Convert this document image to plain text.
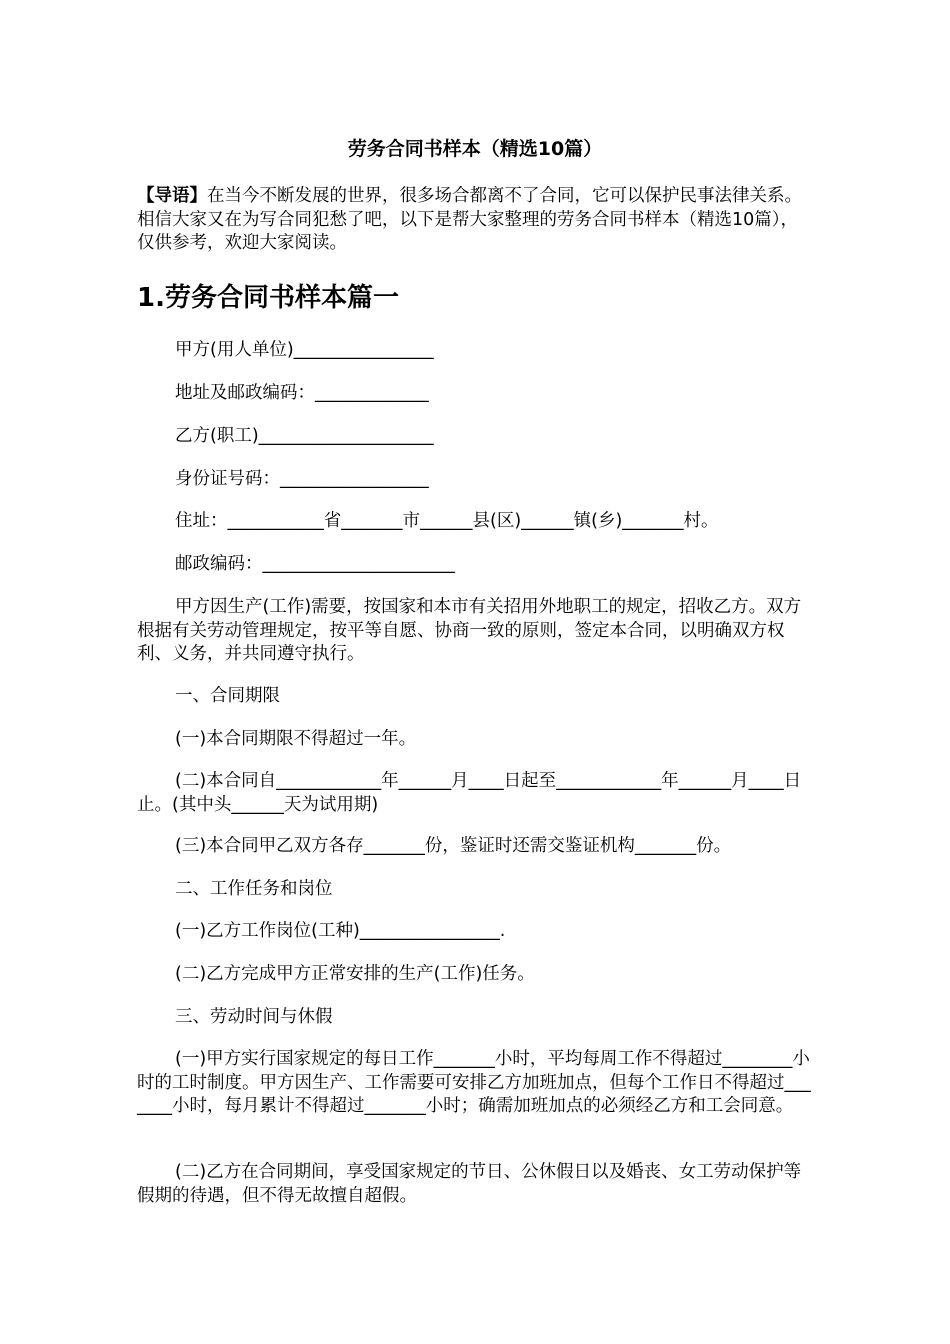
劳务合同书样本（精选10篇）
【导语】在当今不断发展的世界，很多场合都离不了合同，它可以保护民事法律关系。相信大家又在为写合同犯愁了吧，以下是帮大家整理的劳务合同书样本（精选10篇），仅供参考，欢迎大家阅读。
1.劳务合同书样本篇一
甲方(用人单位)________________
地址及邮政编码：_____________
乙方(职工)____________________
身份证号码：_________________
住址：___________省_______市______县(区)______镇(乡)_______村。
邮政编码：______________________
甲方因生产(工作)需要，按国家和本市有关招用外地职工的规定，招收乙方。双方根据有关劳动管理规定，按平等自愿、协商一致的原则，签定本合同，以明确双方权利、义务，并共同遵守执行。
一、合同期限
(一)本合同期限不得超过一年。
(二)本合同自____________年______月____日起至____________年______月____日止。(其中头______天为试用期)
(三)本合同甲乙双方各存_______份，鉴证时还需交鉴证机构_______份。
二、工作任务和岗位
(一)乙方工作岗位(工种)________________.
(二)乙方完成甲方正常安排的生产(工作)任务。
三、劳动时间与休假
(一)甲方实行国家规定的每日工作_______小时，平均每周工作不得超过________小时的工时制度。甲方因生产、工作需要可安排乙方加班加点，但每个工作日不得超过_______小时，每月累计不得超过_______小时；确需加班加点的必须经乙方和工会同意。
(二)乙方在合同期间，享受国家规定的节日、公休假日以及婚丧、女工劳动保护等假期的待遇，但不得无故擅自超假。
